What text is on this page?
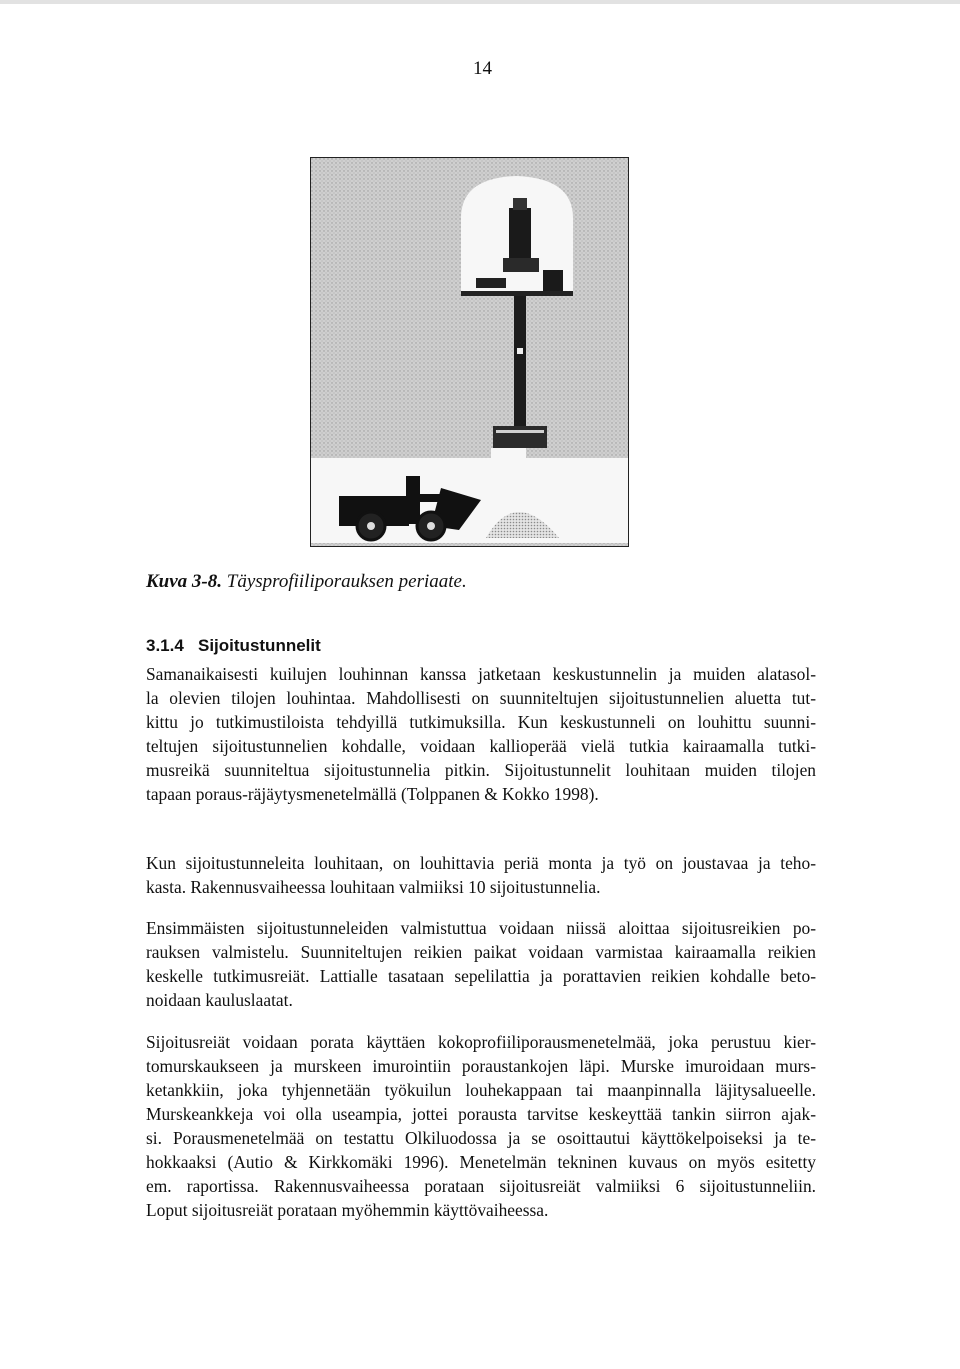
14
Kuva 3-8. Täysprofiiliporauksen periaate.
3.1.4 Sijoitustunnelit

Samanaikaisesti kuilujen louhinnan kanssa jatketaan keskustunnelin ja muiden alatasol-
la olevien tilojen louhintaa. Mahdollisesti on suunniteltujen sijoitustunnelien aluetta tut-
kittu jo tutkimustiloista tehdyillä tutkimuksilla. Kun keskustunneli on louhittu suunni-
teltujen sijoitustunnelien kohdalle, voidaan kallioperää vielä tutkia kairaamalla tutki-
musreikä suunniteltua sijoitustunnelia pitkin. Sijoitustunnelit louhitaan muiden tilojen
tapaan poraus-räjäytysmenetelmällä (Tolppanen & Kokko 1998).

Kun sijoitustunneleita louhitaan, on louhittavia periä monta ja työ on joustavaa ja teho-
kasta. Rakennusvaiheessa louhitaan valmiiksi 10 sijoitustunnelia.

Ensimmäisten sijoitustunneleiden valmistuttua voidaan niissä aloittaa sijoitusreikien po-
rauksen valmistelu. Suunniteltujen reikien paikat voidaan varmistaa kairaamalla reikien
keskelle tutkimusreiät. Lattialle tasataan sepelilattia ja porattavien reikien kohdalle beto-
noidaan kauluslaatat.

Sijoitusreiät voidaan porata käyttäen kokoprofiiliporausmenetelmää, joka perustuu kier-
tomurskaukseen ja murskeen imurointiin poraustankojen läpi. Murske imuroidaan murs-
ketankkiin, joka tyhjennetään työkuilun louhekappaan tai maanpinnalla läjitysalueelle.
Murskeankkeja voi olla useampia, jottei porausta tarvitse keskeyttää tankin siirron ajak-
si. Porausmenetelmää on testattu Olkiluodossa ja se osoittautui käyttökelpoiseksi ja te-
hokkaaksi (Autio & Kirkkomäki 1996). Menetelmän tekninen kuvaus on myös esitetty
em. raportissa. Rakennusvaiheessa porataan sijoitusreiät valmiiksi 6 sijoitustunneliin.
Loput sijoitusreiät porataan myöhemmin käyttövaiheessa.
